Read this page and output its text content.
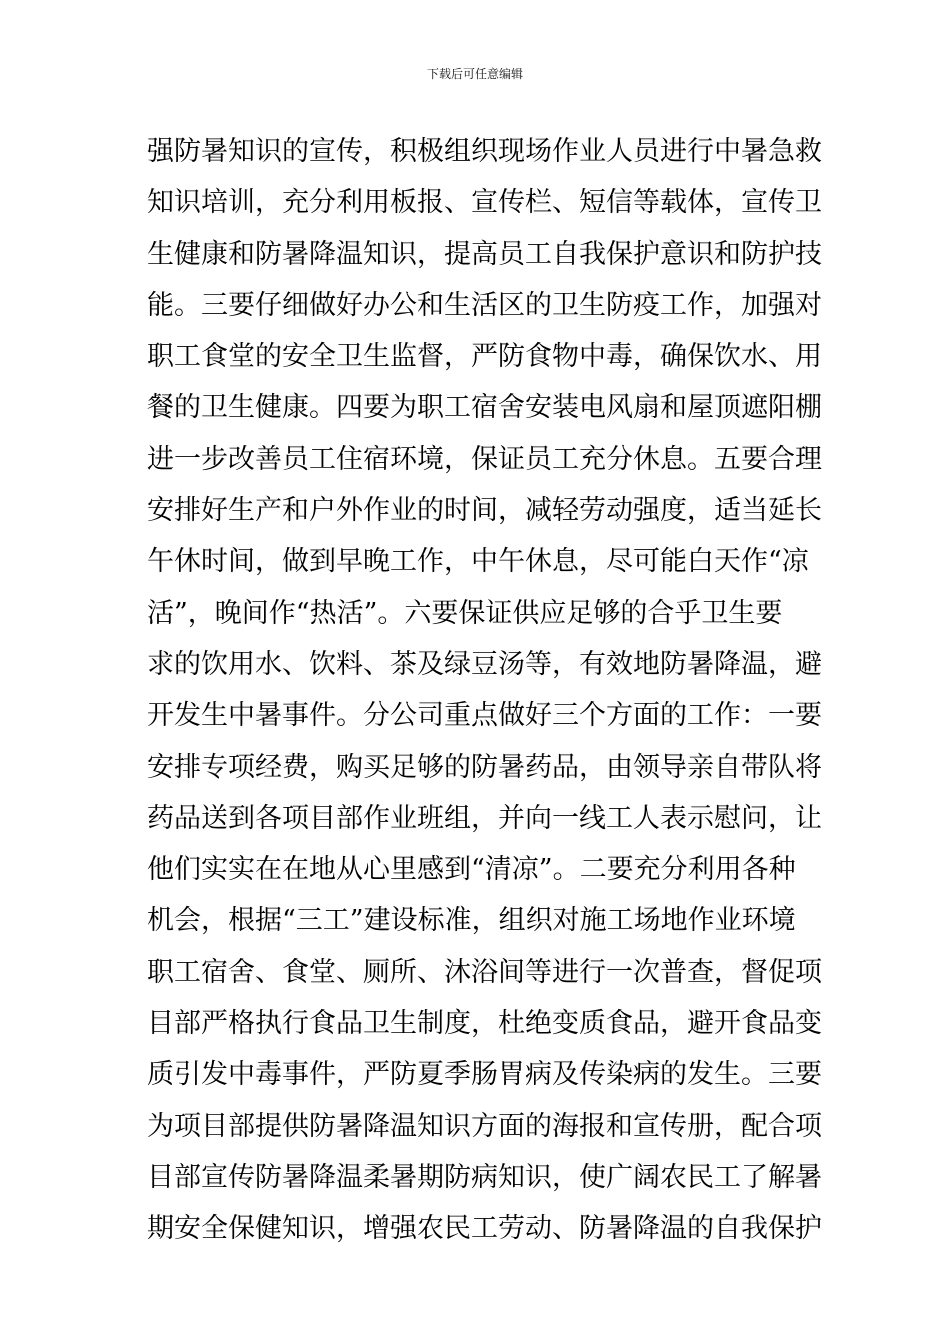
下载后可任意编辑
强防暑知识的宣传，积极组织现场作业人员进行中暑急救
知识培训，充分利用板报、宣传栏、短信等载体，宣传卫
生健康和防暑降温知识，提高员工自我保护意识和防护技
能。三要仔细做好办公和生活区的卫生防疫工作，加强对
职工食堂的安全卫生监督，严防食物中毒，确保饮水、用
餐的卫生健康。四要为职工宿舍安装电风扇和屋顶遮阳棚
进一步改善员工住宿环境，保证员工充分休息。五要合理
安排好生产和户外作业的时间，减轻劳动强度，适当延长
午休时间，做到早晚工作，中午休息，尽可能白天作“凉
活”，晚间作“热活”。六要保证供应足够的合乎卫生要
求的饮用水、饮料、茶及绿豆汤等，有效地防暑降温，避
开发生中暑事件。分公司重点做好三个方面的工作：一要
安排专项经费，购买足够的防暑药品，由领导亲自带队将
药品送到各项目部作业班组，并向一线工人表示慰问，让
他们实实在在地从心里感到“清凉”。二要充分利用各种
机会，根据“三工”建设标准，组织对施工场地作业环境
职工宿舍、食堂、厕所、沐浴间等进行一次普查，督促项
目部严格执行食品卫生制度，杜绝变质食品，避开食品变
质引发中毒事件，严防夏季肠胃病及传染病的发生。三要
为项目部提供防暑降温知识方面的海报和宣传册，配合项
目部宣传防暑降温柔暑期防病知识，使广阔农民工了解暑
期安全保健知识，增强农民工劳动、防暑降温的自我保护
